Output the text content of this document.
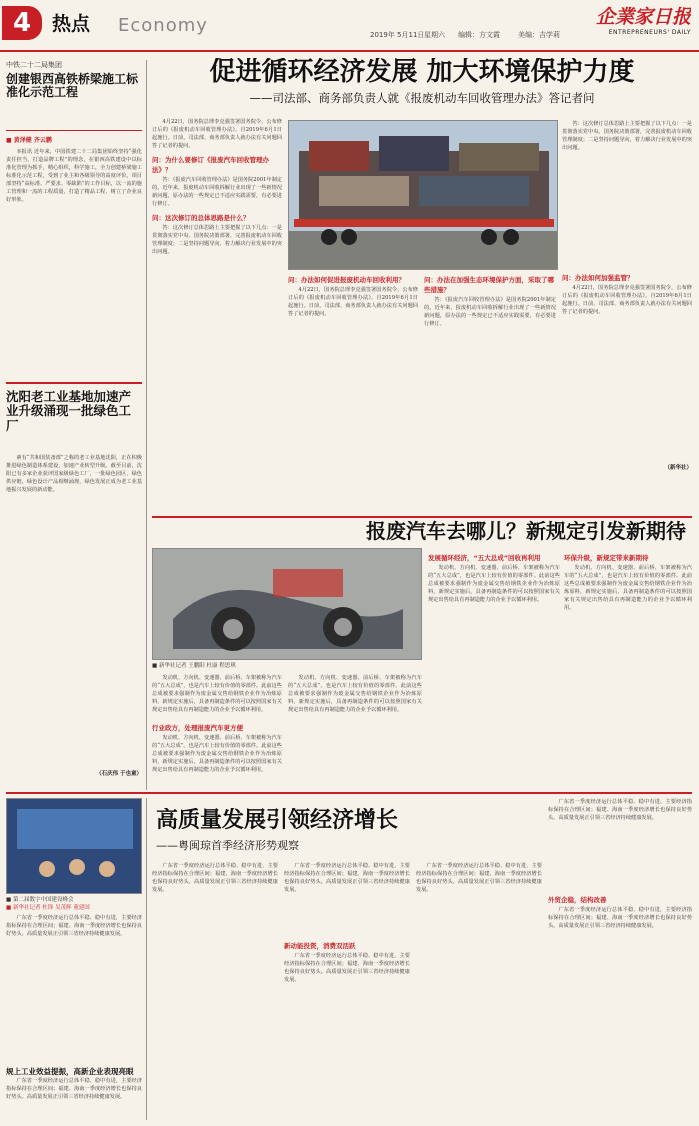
4	热点 Economy	2019年 5月11日 星期六 编辑：方文霞	美编：吉学莉
企業家日报
ENTREPRENEURS' DAILY
中铁二十二局集团
创建银西高铁桥梁施工标准化示范工程
■ 黄泽健 齐云鹏
本报讯 近年来，中国铁建二十二局集团始终坚持“强化责任担当，打造品牌工程”的理念，在银西高铁建设中以标准化管理为抓手，精心组织，科学施工，全力创建桥梁施工标准化示范工程，受到了业主和各级领导的高度评价。项目部坚持“高标准、严要求、零缺陷”的工作目标，以一流的施工管理和一流的工程质量，打造了精品工程，树立了企业良好形象。
沈阳老工业基地加速产业升级涌现一批绿色工厂
素有“共和国装备部”之称的老工业基地沈阳，正在积极推进绿色制造体系建设，加速产业转型升级。截至目前，沈阳已有多家企业获评国家级绿色工厂，一批绿色园区、绿色供应链、绿色设计产品相继涌现，绿色发展正成为老工业基地振兴发展的新动能。
（石庆伟 于也童）
促进循环经济发展 加大环境保护力度
——司法部、商务部负责人就《报废机动车回收管理办法》答记者问
4月22日，国务院总理李克强签署国务院令，公布修订后的《报废机动车回收管理办法》，自2019年6月1日起施行。日前，司法部、商务部负责人就办法有关问题回答了记者的提问。
问：为什么要修订《报废汽车回收管理办法》？
答：《报废汽车回收管理办法》是国务院2001年制定的。近年来，报废机动车回收拆解行业出现了一些新情况新问题，原办法的一些规定已不适应实践需要，有必要进行修订。
问：这次修订的总体思路是什么？
答：这次修订总体思路上主要把握了以下几点：一是贯彻落实党中央、国务院决策部署，完善报废机动车回收管理制度；二是坚持问题导向，着力解决行业发展中的突出问题。
问：办法如何促进报废机动车回收利用？
4月22日，国务院总理李克强签署国务院令，公布修订后的《报废机动车回收管理办法》，自2019年6月1日起施行。日前，司法部、商务部负责人就办法有关问题回答了记者的提问。
问：办法在加强生态环境保护方面，采取了哪些措施？
答：《报废汽车回收管理办法》是国务院2001年制定的。近年来，报废机动车回收拆解行业出现了一些新情况新问题，原办法的一些规定已不适应实践需要，有必要进行修订。
答：这次修订总体思路上主要把握了以下几点：一是贯彻落实党中央、国务院决策部署，完善报废机动车回收管理制度；二是坚持问题导向，着力解决行业发展中的突出问题。
问：办法如何加强监管？
4月22日，国务院总理李克强签署国务院令，公布修订后的《报废机动车回收管理办法》，自2019年6月1日起施行。日前，司法部、商务部负责人就办法有关问题回答了记者的提问。
（新华社）
报废汽车去哪儿？新规定引发新期待
■ 新华社记者 王鹏阳 杜康 程思琪
发展循环经济，“五大总成”回收再利用
发动机、方向机、变速器、前后桥、车架被称为汽车的“五大总成”，也是汽车上较有价值的零部件。此前这些总成被要求强制作为废金属交售给钢铁企业作为冶炼原料，新规定实施后，具备再制造条件的可以按照国家有关规定出售给具有再制造能力的企业予以循环利用。
环保升级，新规定带来新期待
发动机、方向机、变速器、前后桥、车架被称为汽车的“五大总成”，也是汽车上较有价值的零部件。此前这些总成被要求强制作为废金属交售给钢铁企业作为冶炼原料，新规定实施后，具备再制造条件的可以按照国家有关规定出售给具有再制造能力的企业予以循环利用。
发动机、方向机、变速器、前后桥、车架被称为汽车的“五大总成”，也是汽车上较有价值的零部件。此前这些总成被要求强制作为废金属交售给钢铁企业作为冶炼原料，新规定实施后，具备再制造条件的可以按照国家有关规定出售给具有再制造能力的企业予以循环利用。
行业政方，处理报废汽车更方便
发动机、方向机、变速器、前后桥、车架被称为汽车的“五大总成”，也是汽车上较有价值的零部件。此前这些总成被要求强制作为废金属交售给钢铁企业作为冶炼原料，新规定实施后，具备再制造条件的可以按照国家有关规定出售给具有再制造能力的企业予以循环利用。
发动机、方向机、变速器、前后桥、车架被称为汽车的“五大总成”，也是汽车上较有价值的零部件。此前这些总成被要求强制作为废金属交售给钢铁企业作为冶炼原料，新规定实施后，具备再制造条件的可以按照国家有关规定出售给具有再制造能力的企业予以循环利用。
■ 第二届数字中国建设峰会
■ 新华社记者 杜锋 吴茂辉 董建国
高质量发展引领经济增长
——粤闽琼首季经济形势观察
广东省一季度经济运行总体平稳、稳中有进，主要经济指标保持在合理区间；福建、海南一季度经济增长也保持良好势头。高质量发展正引领三省经济持续健康发展。
规上工业效益提振，高新企业表现亮眼
广东省一季度经济运行总体平稳、稳中有进，主要经济指标保持在合理区间；福建、海南一季度经济增长也保持良好势头。高质量发展正引领三省经济持续健康发展。
广东省一季度经济运行总体平稳、稳中有进，主要经济指标保持在合理区间；福建、海南一季度经济增长也保持良好势头。高质量发展正引领三省经济持续健康发展。
广东省一季度经济运行总体平稳、稳中有进，主要经济指标保持在合理区间；福建、海南一季度经济增长也保持良好势头。高质量发展正引领三省经济持续健康发展。
新动能投资，消费双活跃
广东省一季度经济运行总体平稳、稳中有进，主要经济指标保持在合理区间；福建、海南一季度经济增长也保持良好势头。高质量发展正引领三省经济持续健康发展。
广东省一季度经济运行总体平稳、稳中有进，主要经济指标保持在合理区间；福建、海南一季度经济增长也保持良好势头。高质量发展正引领三省经济持续健康发展。
广东省一季度经济运行总体平稳、稳中有进，主要经济指标保持在合理区间；福建、海南一季度经济增长也保持良好势头。高质量发展正引领三省经济持续健康发展。
外贸企稳，结构改善
广东省一季度经济运行总体平稳、稳中有进，主要经济指标保持在合理区间；福建、海南一季度经济增长也保持良好势头。高质量发展正引领三省经济持续健康发展。
